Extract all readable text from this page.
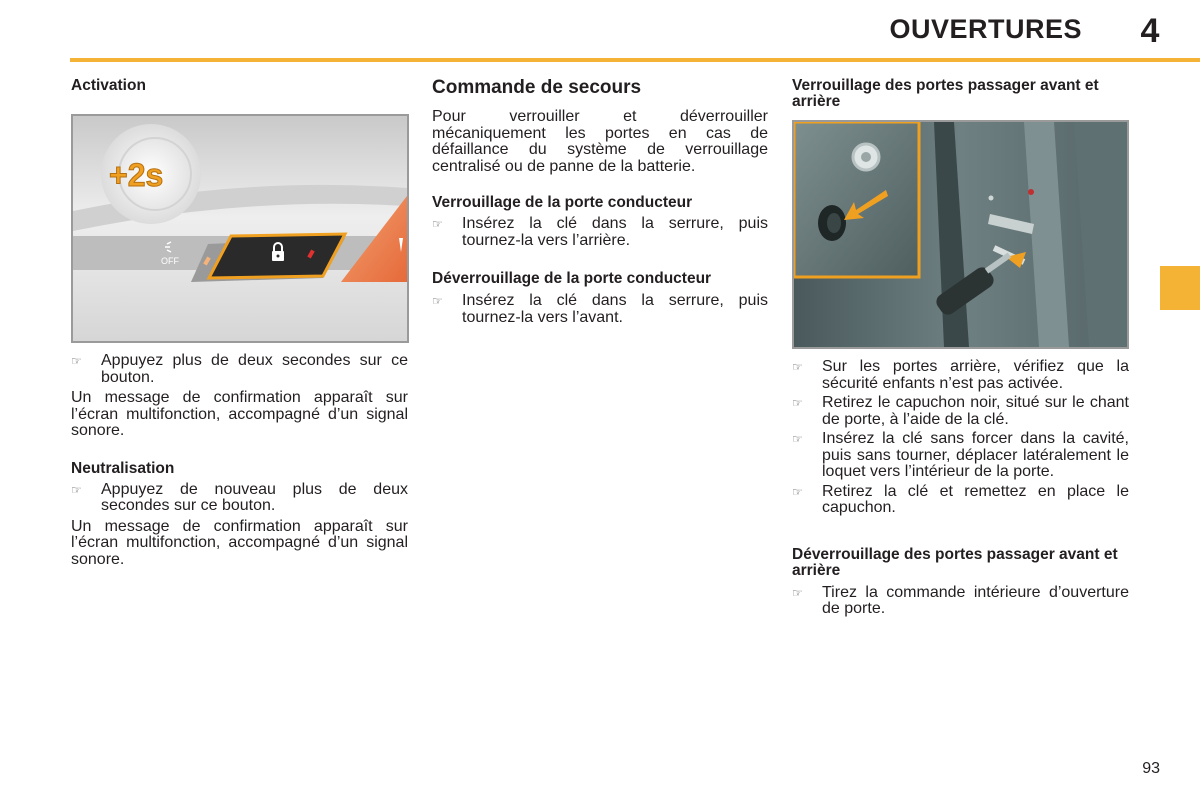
OUVERTURES	4
Activation
+2s
OFF
☞ Appuyez plus de deux secondes sur ce bouton.

Un message de confirmation apparaît sur l’écran multifonction, accompagné d’un signal sonore.

Neutralisation
☞ Appuyez de nouveau plus de deux secondes sur ce bouton.

Un message de confirmation apparaît sur l’écran multifonction, accompagné d’un signal sonore.

Commande de secours

Pour verrouiller et déverrouiller mécaniquement les portes en cas de défaillance du système de verrouillage centralisé ou de panne de la batterie.

Verrouillage de la porte conducteur
☞ Insérez la clé dans la serrure, puis tournez-la vers l’arrière.
Déverrouillage de la porte conducteur
☞ Insérez la clé dans la serrure, puis tournez-la vers l’avant.
Verrouillage des portes passager avant et arrière
☞ Sur les portes arrière, vérifiez que la sécurité enfants n’est pas activée.
☞ Retirez le capuchon noir, situé sur le chant de porte, à l’aide de la clé.
☞ Insérez la clé sans forcer dans la cavité, puis sans tourner, déplacer latéralement le loquet vers l’intérieur de la porte.
☞ Retirez la clé et remettez en place le capuchon.
Déverrouillage des portes passager avant et arrière
☞ Tirez la commande intérieure d’ouverture de porte.
93
